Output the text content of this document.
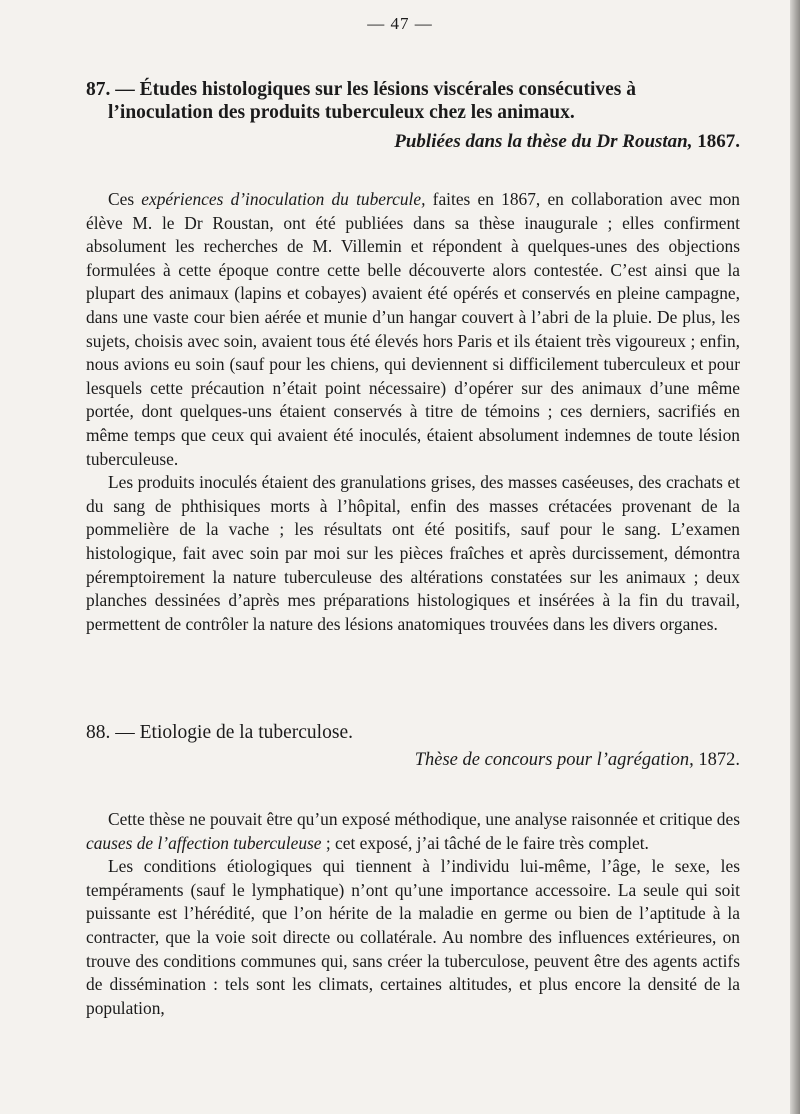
— 47 —
87. — Études histologiques sur les lésions viscérales consécutives à
l’inoculation des produits tuberculeux chez les animaux.
Publiées dans la thèse du Dr Roustan, 1867.

Ces expériences d’inoculation du tubercule, faites en 1867, en collaboration avec mon élève M. le Dr Roustan, ont été publiées dans sa thèse inaugurale ; elles confirment absolument les recherches de M. Villemin et répondent à quelques-unes des objections formulées à cette époque contre cette belle découverte alors contestée. C’est ainsi que la plupart des animaux (lapins et cobayes) avaient été opérés et conservés en pleine campagne, dans une vaste cour bien aérée et munie d’un hangar couvert à l’abri de la pluie. De plus, les sujets, choisis avec soin, avaient tous été élevés hors Paris et ils étaient très vigoureux ; enfin, nous avions eu soin (sauf pour les chiens, qui deviennent si difficilement tuberculeux et pour lesquels cette précaution n’était point nécessaire) d’opérer sur des animaux d’une même portée, dont quelques-uns étaient conservés à titre de témoins ; ces derniers, sacrifiés en même temps que ceux qui avaient été inoculés, étaient absolument indemnes de toute lésion tuberculeuse.

Les produits inoculés étaient des granulations grises, des masses caséeuses, des crachats et du sang de phthisiques morts à l’hôpital, enfin des masses crétacées provenant de la pommelière de la vache ; les résultats ont été positifs, sauf pour le sang. L’examen histologique, fait avec soin par moi sur les pièces fraîches et après durcissement, démontra péremptoirement la nature tuberculeuse des altérations constatées sur les animaux ; deux planches dessinées d’après mes préparations histologiques et insérées à la fin du travail, permettent de contrôler la nature des lésions anatomiques trouvées dans les divers organes.

88. — Etiologie de la tuberculose.
Thèse de concours pour l’agrégation, 1872.

Cette thèse ne pouvait être qu’un exposé méthodique, une analyse raisonnée et critique des causes de l’affection tuberculeuse ; cet exposé, j’ai tâché de le faire très complet.

Les conditions étiologiques qui tiennent à l’individu lui-même, l’âge, le sexe, les tempéraments (sauf le lymphatique) n’ont qu’une importance accessoire. La seule qui soit puissante est l’hérédité, que l’on hérite de la maladie en germe ou bien de l’aptitude à la contracter, que la voie soit directe ou collatérale. Au nombre des influences extérieures, on trouve des conditions communes qui, sans créer la tuberculose, peuvent être des agents actifs de dissémination : tels sont les climats, certaines altitudes, et plus encore la densité de la population,
